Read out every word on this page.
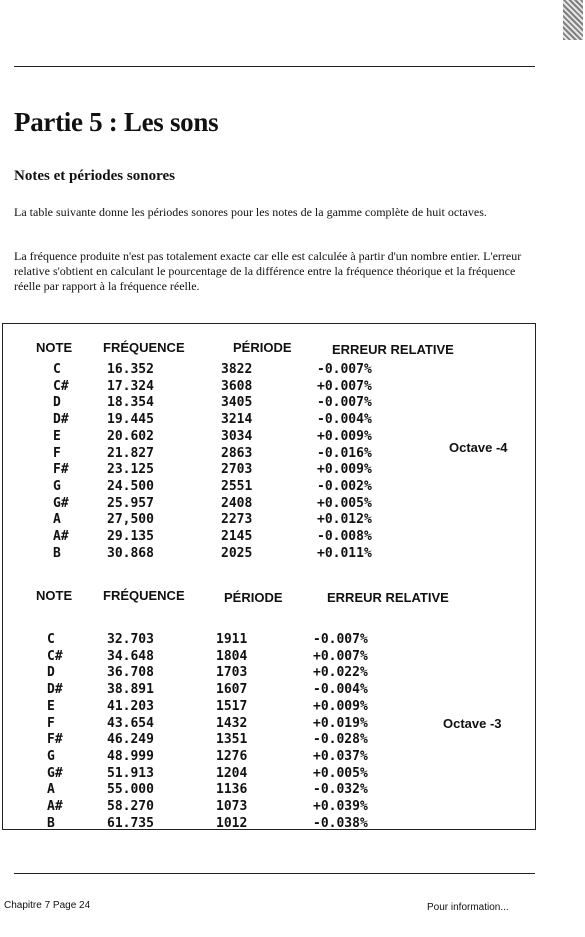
Partie 5 : Les sons
Notes et périodes sonores

La table suivante donne les périodes sonores pour les notes de la gamme complète de huit octaves.

La fréquence produite n'est pas totalement exacte car elle est calculée à partir d'un nombre entier. L'erreur relative s'obtient en calculant le pourcentage de la différence entre la fréquence théorique et la fréquence réelle par rapport à la fréquence réelle.

NOTE FRÉQUENCE	PÉRIODE	ERREUR RELATIVE
Octave -4
NOTE FRÉQUENCE	PÉRIODE	ERREUR RELATIVE
Octave -3
C	16.352	3822	-0.007%
C#	17.324	3608	+0.007%
D	18.354	3405	-0.007%
D#	19.445	3214	-0.004%
E	20.602	3034	+0.009%
F	21.827	2863	-0.016%
F#	23.125	2703	+0.009%
G	24.500	2551	-0.002%
G#	25.957	2408	+0.005%
A	27,500	2273	+0.012%
A#	29.135	2145	-0.008%
B	30.868	2025	+0.011%
C	32.703	1911	-0.007%
C#	34.648	1804	+0.007%
D	36.708	1703	+0.022%
D#	38.891	1607	-0.004%
E	41.203	1517	+0.009%
F	43.654	1432	+0.019%
F#	46.249	1351	-0.028%
G	48.999	1276	+0.037%
G#	51.913	1204	+0.005%
A	55.000	1136	-0.032%
A#	58.270	1073	+0.039%
B	61.735	1012	-0.038%
Chapitre 7 Page 24	Pour information...
